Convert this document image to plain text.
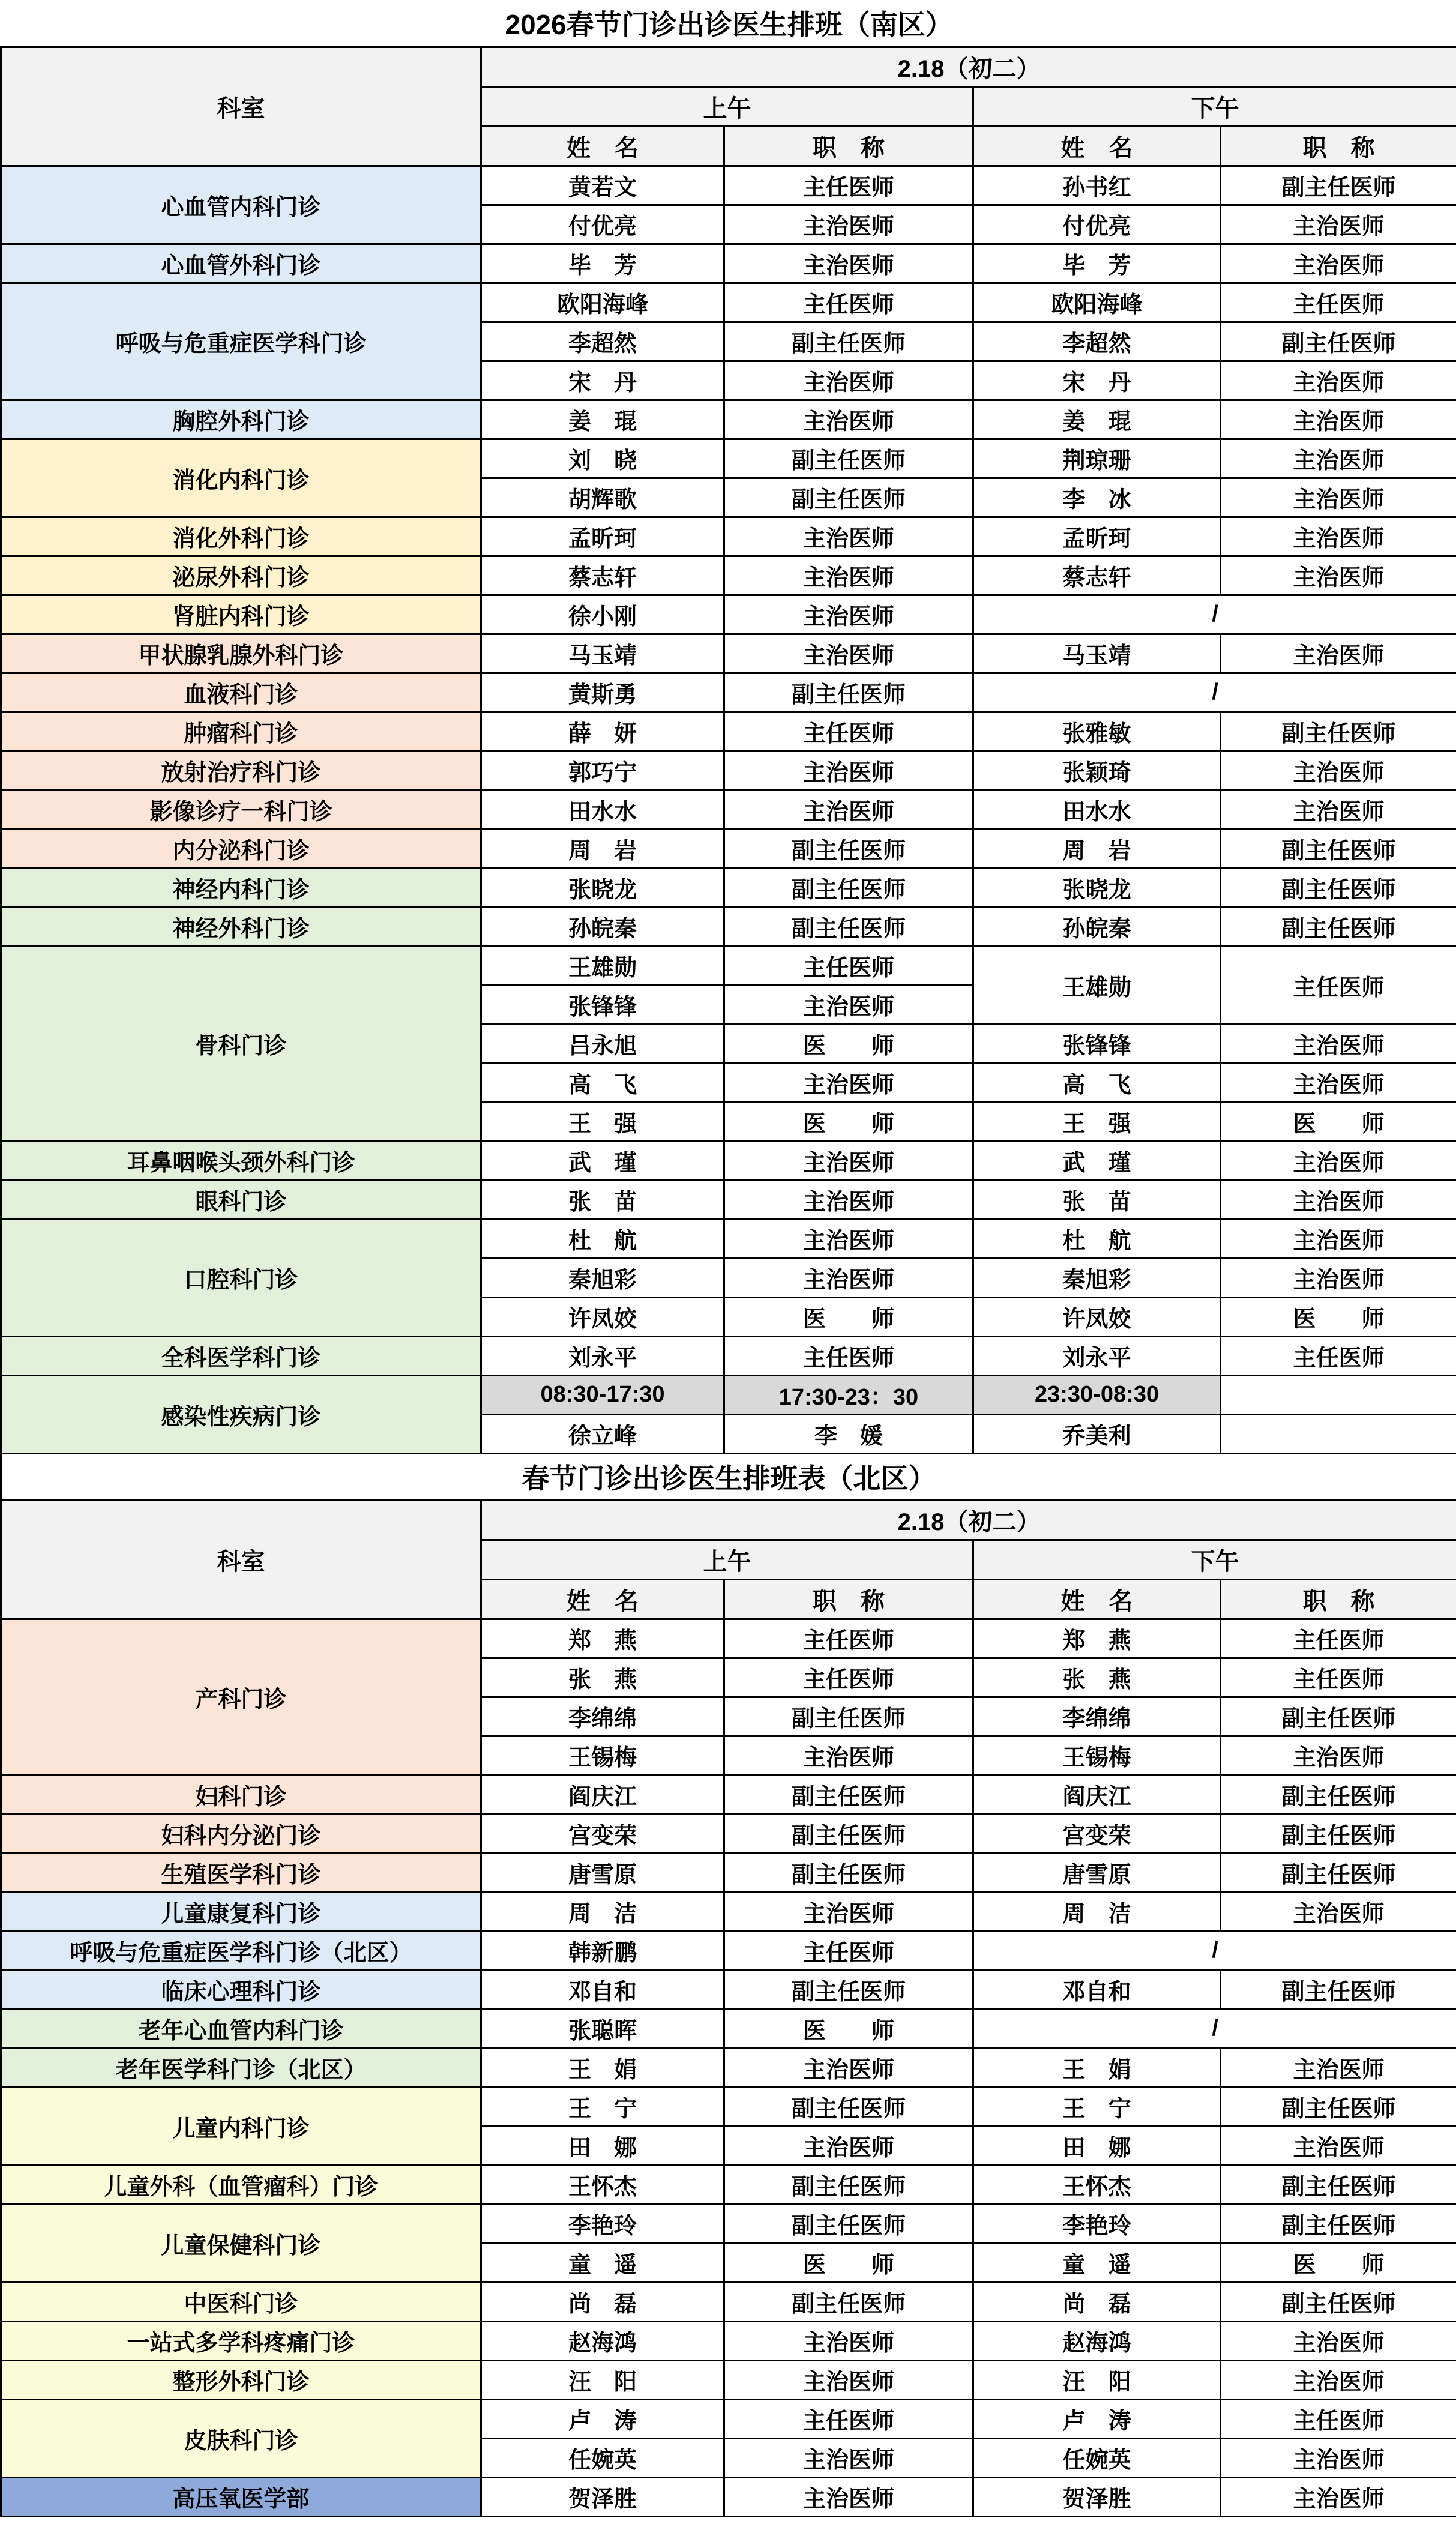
2026春节门诊出诊医生排班（南区）				
科室	2.18（初二）			
	上午		下午	
	姓　名	职　称	姓　名	职　称
心血管内科门诊	黄若文	主任医师	孙书红	副主任医师
	付优亮	主治医师	付优亮	主治医师
心血管外科门诊	毕　芳	主治医师	毕　芳	主治医师
呼吸与危重症医学科门诊	欧阳海峰	主任医师	欧阳海峰	主任医师
	李超然	副主任医师	李超然	副主任医师
	宋　丹	主治医师	宋　丹	主治医师
胸腔外科门诊	姜　琨	主治医师	姜　琨	主治医师
消化内科门诊	刘　晓	副主任医师	荆琼珊	主治医师
	胡辉歌	副主任医师	李　冰	主治医师
消化外科门诊	孟昕珂	主治医师	孟昕珂	主治医师
泌尿外科门诊	蔡志轩	主治医师	蔡志轩	主治医师
肾脏内科门诊	徐小刚	主治医师	/	
甲状腺乳腺外科门诊	马玉靖	主治医师	马玉靖	主治医师
血液科门诊	黄斯勇	副主任医师	/	
肿瘤科门诊	薛　妍	主任医师	张雅敏	副主任医师
放射治疗科门诊	郭巧宁	主治医师	张颖琦	主治医师
影像诊疗一科门诊	田水水	主治医师	田水水	主治医师
内分泌科门诊	周　岩	副主任医师	周　岩	副主任医师
神经内科门诊	张晓龙	副主任医师	张晓龙	副主任医师
神经外科门诊	孙皖秦	副主任医师	孙皖秦	副主任医师
骨科门诊	王雄勋	主任医师	王雄勋	主任医师
	张锋锋	主治医师		
	吕永旭	医　　师	张锋锋	主治医师
	高　飞	主治医师	高　飞	主治医师
	王　强	医　　师	王　强	医　　师
耳鼻咽喉头颈外科门诊	武　瑾	主治医师	武　瑾	主治医师
眼科门诊	张　苗	主治医师	张　苗	主治医师
口腔科门诊	杜　航	主治医师	杜　航	主治医师
	秦旭彩	主治医师	秦旭彩	主治医师
	许凤姣	医　　师	许凤姣	医　　师
全科医学科门诊	刘永平	主任医师	刘永平	主任医师
感染性疾病门诊	08:30-17:30	17:30-23：30	23:30-08:30	
	徐立峰	李　媛	乔美利	
春节门诊出诊医生排班表（北区）				
科室	2.18（初二）			
	上午		下午	
	姓　名	职　称	姓　名	职　称
产科门诊	郑　燕	主任医师	郑　燕	主任医师
	张　燕	主任医师	张　燕	主任医师
	李绵绵	副主任医师	李绵绵	副主任医师
	王锡梅	主治医师	王锡梅	主治医师
妇科门诊	阎庆江	副主任医师	阎庆江	副主任医师
妇科内分泌门诊	宫变荣	副主任医师	宫变荣	副主任医师
生殖医学科门诊	唐雪原	副主任医师	唐雪原	副主任医师
儿童康复科门诊	周　洁	主治医师	周　洁	主治医师
呼吸与危重症医学科门诊（北区）	韩新鹏	主任医师	/	
临床心理科门诊	邓自和	副主任医师	邓自和	副主任医师
老年心血管内科门诊	张聪晖	医　　师	/	
老年医学科门诊（北区）	王　娟	主治医师	王　娟	主治医师
儿童内科门诊	王　宁	副主任医师	王　宁	副主任医师
	田　娜	主治医师	田　娜	主治医师
儿童外科（血管瘤科）门诊	王怀杰	副主任医师	王怀杰	副主任医师
儿童保健科门诊	李艳玲	副主任医师	李艳玲	副主任医师
	童　遥	医　　师	童　遥	医　　师
中医科门诊	尚　磊	副主任医师	尚　磊	副主任医师
一站式多学科疼痛门诊	赵海鸿	主治医师	赵海鸿	主治医师
整形外科门诊	汪　阳	主治医师	汪　阳	主治医师
皮肤科门诊	卢　涛	主任医师	卢　涛	主任医师
	任婉英	主治医师	任婉英	主治医师
高压氧医学部	贺泽胜	主治医师	贺泽胜	主治医师
